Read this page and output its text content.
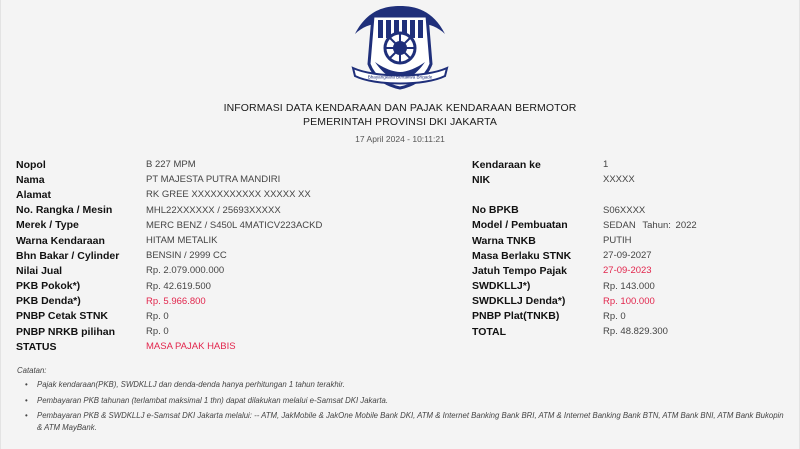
Bhayangkara Bertakwa Brigade
INFORMASI DATA KENDARAAN DAN PAJAK KENDARAAN BERMOTOR
PEMERINTAH PROVINSI DKI JAKARTA
17 April 2024 - 10:11:21
Nopol	B 227 MPM
Nama	PT MAJESTA PUTRA MANDIRI
Alamat	RK GREE XXXXXXXXXXX XXXXX XX
No. Rangka / Mesin	MHL22XXXXXX / 25693XXXXX
Merek / Type	MERC BENZ / S450L 4MATICV223ACKD
Warna Kendaraan	HITAM METALIK
Bhn Bakar / Cylinder	BENSIN / 2999 CC
Nilai Jual	Rp. 2.079.000.000
PKB Pokok*)	Rp. 42.619.500
PKB Denda*)	Rp. 5.966.800
PNBP Cetak STNK	Rp. 0
PNBP NRKB pilihan	Rp. 0
STATUS	MASA PAJAK HABIS
Kendaraan ke	1
NIK	XXXXX
No BPKB	S06XXXX
Model / Pembuatan	SEDAN Tahun: 2022
Warna TNKB	PUTIH
Masa Berlaku STNK	27-09-2027
Jatuh Tempo Pajak	27-09-2023
SWDKLLJ*)	Rp. 143.000
SWDKLLJ Denda*)	Rp. 100.000
PNBP Plat(TNKB)	Rp. 0
TOTAL	Rp. 48.829.300
Catatan:
• Pajak kendaraan(PKB), SWDKLLJ dan denda-denda hanya perhitungan 1 tahun terakhir.
• Pembayaran PKB tahunan (terlambat maksimal 1 thn) dapat dilakukan melalui e-Samsat DKI Jakarta.
• Pembayaran PKB & SWDKLLJ e-Samsat DKI Jakarta melalui: -- ATM, JakMobile & JakOne Mobile Bank DKI, ATM & Internet Banking Bank BRI, ATM & Internet Banking Bank BTN, ATM Bank BNI, ATM Bank Bukopin & ATM MayBank.
